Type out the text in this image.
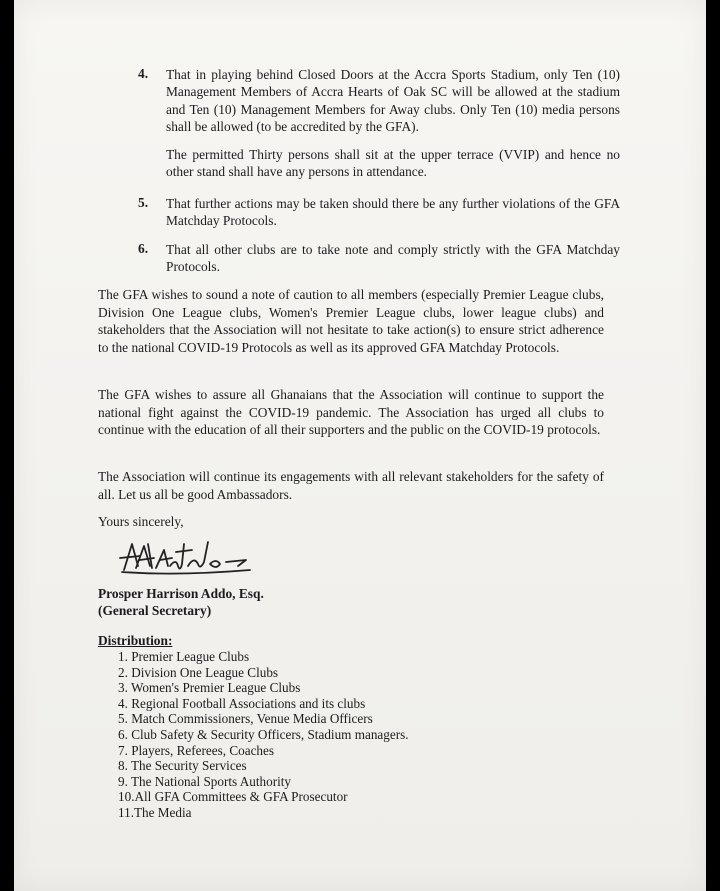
4. That in playing behind Closed Doors at the Accra Sports Stadium, only Ten (10) Management Members of Accra Hearts of Oak SC will be allowed at the stadium and Ten (10) Management Members for Away clubs. Only Ten (10) media persons shall be allowed (to be accredited by the GFA).
The permitted Thirty persons shall sit at the upper terrace (VVIP) and hence no other stand shall have any persons in attendance.
5. That further actions may be taken should there be any further violations of the GFA Matchday Protocols.
6. That all other clubs are to take note and comply strictly with the GFA Matchday Protocols.
The GFA wishes to sound a note of caution to all members (especially Premier League clubs, Division One League clubs, Women's Premier League clubs, lower league clubs) and stakeholders that the Association will not hesitate to take action(s) to ensure strict adherence to the national COVID-19 Protocols as well as its approved GFA Matchday Protocols.
The GFA wishes to assure all Ghanaians that the Association will continue to support the national fight against the COVID-19 pandemic. The Association has urged all clubs to continue with the education of all their supporters and the public on the COVID-19 protocols.
The Association will continue its engagements with all relevant stakeholders for the safety of all. Let us all be good Ambassadors.
Yours sincerely,
Prosper Harrison Addo, Esq.
(General Secretary)
Distribution:
1. Premier League Clubs
2. Division One League Clubs
3. Women's Premier League Clubs
4. Regional Football Associations and its clubs
5. Match Commissioners, Venue Media Officers
6. Club Safety & Security Officers, Stadium managers.
7. Players, Referees, Coaches
8. The Security Services
9. The National Sports Authority
10.All GFA Committees & GFA Prosecutor
11.The Media
